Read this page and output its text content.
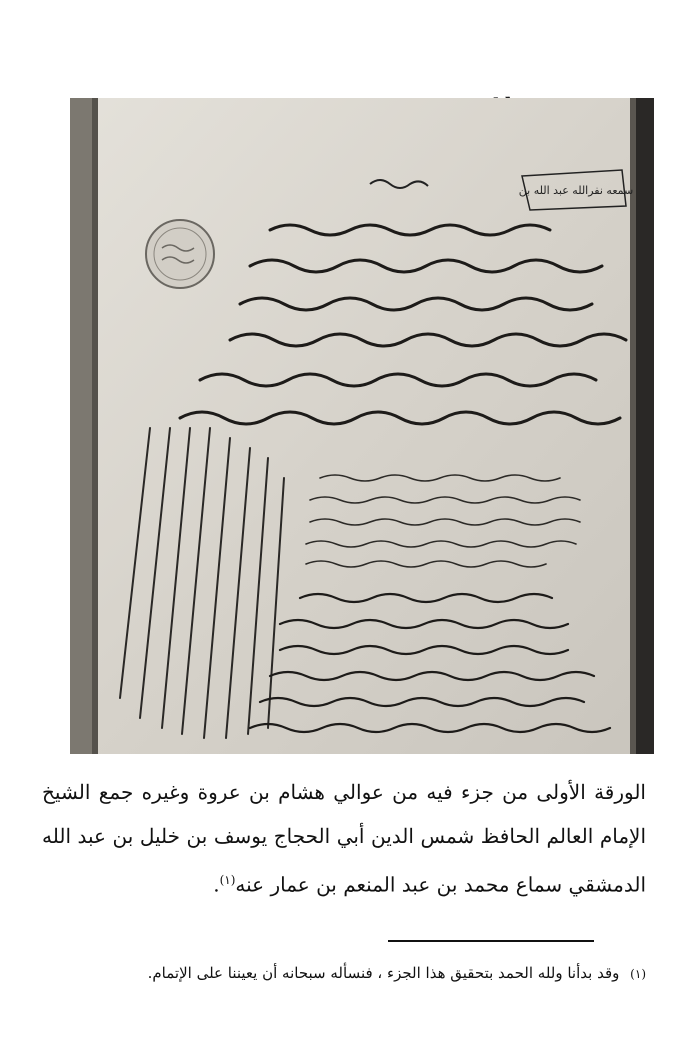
سمعه نفرالله عبد الله بن
الورقة الأولى من جزء فيه من عوالي هشام بن عروة وغيره جمع الشيخ الإمام العالم الحافظ شمس الدين أبي الحجاج يوسف بن خليل بن عبد الله الدمشقي سماع محمد بن عبد المنعم بن عمار عنه$^{(١)}$.
(١) وقد بدأنا ولله الحمد بتحقيق هذا الجزء ، فنسأله سبحانه أن يعيننا على الإتمام.
